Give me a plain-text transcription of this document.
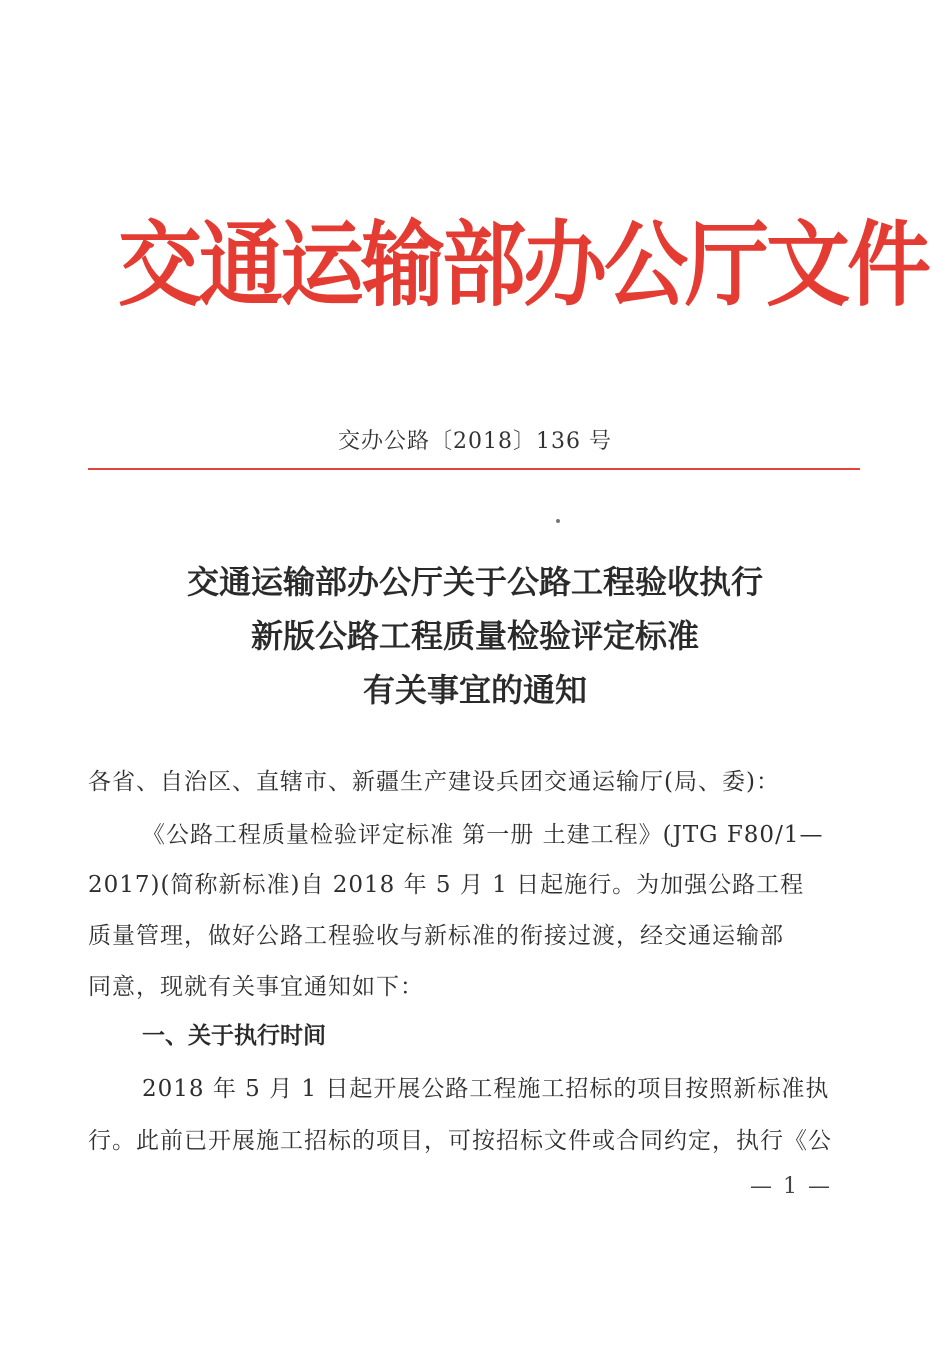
交通运输部办公厅文件
交办公路〔2018〕136 号
交通运输部办公厅关于公路工程验收执行
新版公路工程质量检验评定标准
有关事宜的通知
各省、自治区、直辖市、新疆生产建设兵团交通运输厅(局、委)：
《公路工程质量检验评定标准 第一册 土建工程》(JTG F80/1—
2017)(简称新标准)自 2018 年 5 月 1 日起施行。为加强公路工程
质量管理，做好公路工程验收与新标准的衔接过渡，经交通运输部
同意，现就有关事宜通知如下：
一、关于执行时间
2018 年 5 月 1 日起开展公路工程施工招标的项目按照新标准执
行。此前已开展施工招标的项目，可按招标文件或合同约定，执行《公
— 1 —
